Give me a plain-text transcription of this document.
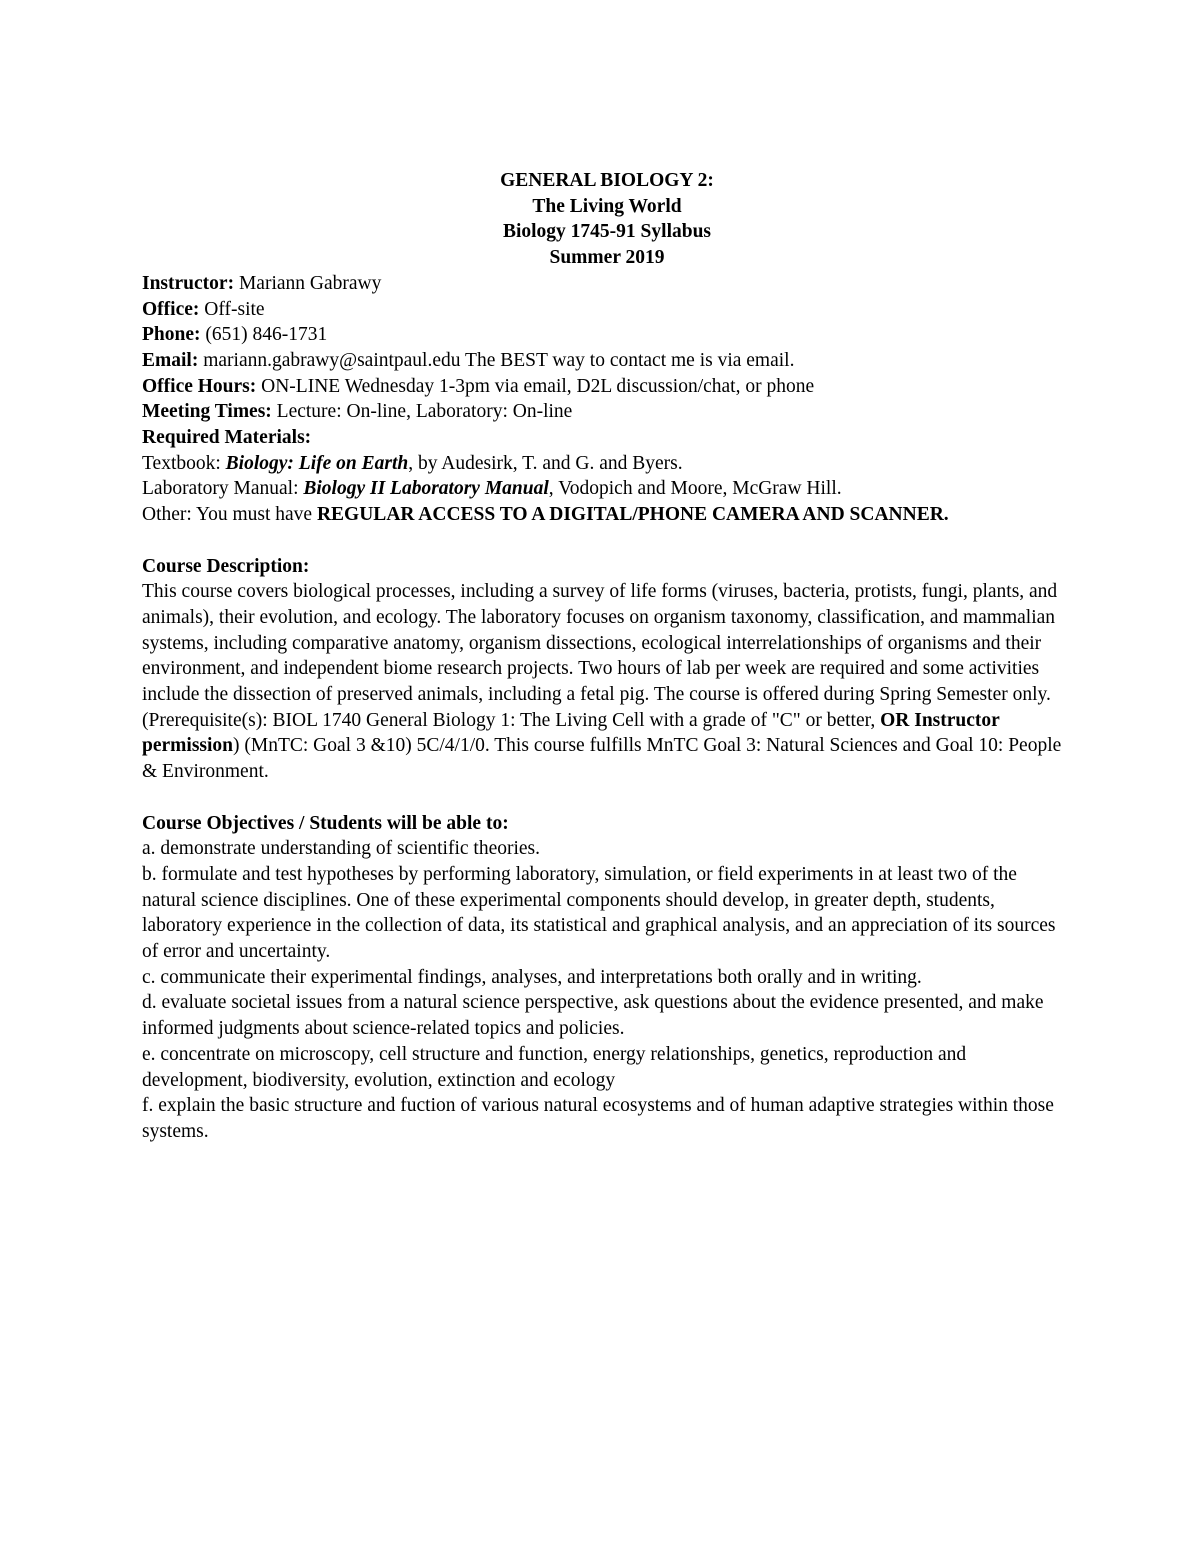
GENERAL BIOLOGY 2:
The Living World
Biology 1745-91 Syllabus
Summer 2019

Instructor: Mariann Gabrawy

Office: Off-site

Phone: (651) 846-1731

Email: mariann.gabrawy@saintpaul.edu The BEST way to contact me is via email.

Office Hours: ON-LINE Wednesday 1-3pm via email, D2L discussion/chat, or phone

Meeting Times: Lecture: On-line, Laboratory: On-line

Required Materials:

Textbook: Biology: Life on Earth, by Audesirk, T. and G. and Byers.

Laboratory Manual: Biology II Laboratory Manual, Vodopich and Moore, McGraw Hill.

Other: You must have REGULAR ACCESS TO A DIGITAL/PHONE CAMERA AND SCANNER.

Course Description:

This course covers biological processes, including a survey of life forms (viruses, bacteria, protists, fungi, plants, and animals), their evolution, and ecology. The laboratory focuses on organism taxonomy, classification, and mammalian systems, including comparative anatomy, organism dissections, ecological interrelationships of organisms and their environment, and independent biome research projects. Two hours of lab per week are required and some activities include the dissection of preserved animals, including a fetal pig. The course is offered during Spring Semester only. (Prerequisite(s): BIOL 1740 General Biology 1: The Living Cell with a grade of "C" or better, OR Instructor permission) (MnTC: Goal 3 &10) 5C/4/1/0. This course fulfills MnTC Goal 3: Natural Sciences and Goal 10: People & Environment.

Course Objectives / Students will be able to:

a. demonstrate understanding of scientific theories.

b. formulate and test hypotheses by performing laboratory, simulation, or field experiments in at least two of the natural science disciplines. One of these experimental components should develop, in greater depth, students, laboratory experience in the collection of data, its statistical and graphical analysis, and an appreciation of its sources of error and uncertainty.

c. communicate their experimental findings, analyses, and interpretations both orally and in writing.

d. evaluate societal issues from a natural science perspective, ask questions about the evidence presented, and make informed judgments about science-related topics and policies.

e. concentrate on microscopy, cell structure and function, energy relationships, genetics, reproduction and development, biodiversity, evolution, extinction and ecology

f. explain the basic structure and fuction of various natural ecosystems and of human adaptive strategies within those systems.
